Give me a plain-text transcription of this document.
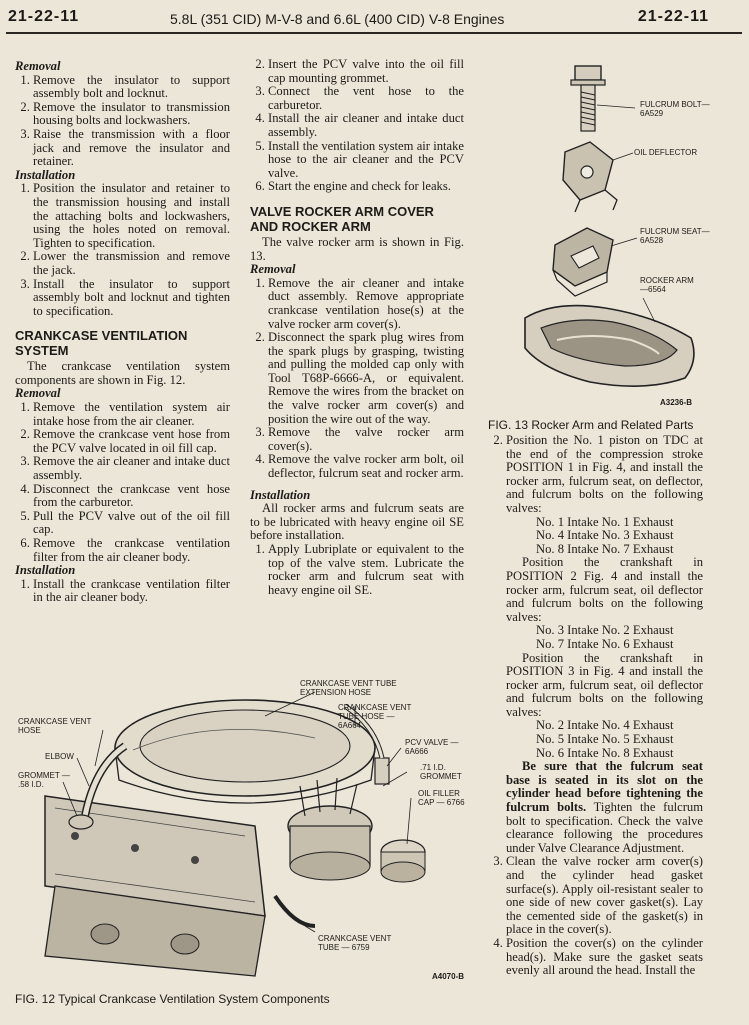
21-22-11	5.8L (351 CID) M-V-8 and 6.6L (400 CID) V-8 Engines	21-22-11

Removal

1. Remove the insulator to support assembly bolt and locknut.
2. Remove the insulator to transmission housing bolts and lockwashers.
3. Raise the transmission with a floor jack and remove the insulator and retainer.

Installation

1. Position the insulator and retainer to the transmission housing and install the attaching bolts and lockwashers, using the holes noted on removal. Tighten to specification.
2. Lower the transmission and remove the jack.
3. Install the insulator to support assembly bolt and locknut and tighten to specification.
CRANKCASE VENTILATION SYSTEM

The crankcase ventilation system components are shown in Fig. 12.

Removal

1. Remove the ventilation system air intake hose from the air cleaner.
2. Remove the crankcase vent hose from the PCV valve located in oil fill cap.
3. Remove the air cleaner and intake duct assembly.
4. Disconnect the crankcase vent hose from the carburetor.
5. Pull the PCV valve out of the oil fill cap.
6. Remove the crankcase ventilation filter from the air cleaner body.

Installation

1. Install the crankcase ventilation filter in the air cleaner body.
2. Insert the PCV valve into the oil fill cap mounting grommet.
3. Connect the vent hose to the carburetor.
4. Install the air cleaner and intake duct assembly.
5. Install the ventilation system air intake hose to the air cleaner and the PCV valve.
6. Start the engine and check for leaks.
VALVE ROCKER ARM COVER AND ROCKER ARM

The valve rocker arm is shown in Fig. 13.

Removal

1. Remove the air cleaner and intake duct assembly. Remove appropriate crankcase ventilation hose(s) at the valve rocker arm cover(s).
2. Disconnect the spark plug wires from the spark plugs by grasping, twisting and pulling the molded cap only with Tool T68P-6666-A, or equivalent. Remove the wires from the bracket on the valve rocker arm cover(s) and position the wire out of the way.
3. Remove the valve rocker arm cover(s).
4. Remove the valve rocker arm bolt, oil deflector, fulcrum seat and rocker arm.

Installation

All rocker arms and fulcrum seats are to be lubricated with heavy engine oil SE before installation.

1. Apply Lubriplate or equivalent to the top of the valve stem. Lubricate the rocker arm and fulcrum seat with heavy engine oil SE.
FULCRUM BOLT—6A529
OIL DEFLECTOR
FULCRUM SEAT—6A528
ROCKER ARM—6564
A3236-B
FIG. 13 Rocker Arm and Related Parts
2. Position the No. 1 piston on TDC at the end of the compression stroke POSITION 1 in Fig. 4, and install the rocker arm, fulcrum seat, on deflector, and fulcrum bolts on the following valves:
No. 1 Intake No. 1 Exhaust
No. 4 Intake No. 3 Exhaust
No. 8 Intake No. 7 Exhaust

Position the crankshaft in POSITION 2 Fig. 4 and install the rocker arm, fulcrum seat, oil deflector and fulcrum bolts on the following valves:

No. 3 Intake No. 2 Exhaust
No. 7 Intake No. 6 Exhaust

Position the crankshaft in POSITION 3 in Fig. 4 and install the rocker arm, fulcrum seat, oil deflector and fulcrum bolts on the following valves:

No. 2 Intake No. 4 Exhaust
No. 5 Intake No. 5 Exhaust
No. 6 Intake No. 8 Exhaust

Be sure that the fulcrum seat base is seated in its slot on the cylinder head before tightening the fulcrum bolts. Tighten the fulcrum bolt to specification. Check the valve clearance following the procedures under Valve Clearance Adjustment.

3. Clean the valve rocker arm cover(s) and the cylinder head gasket surface(s). Apply oil-resistant sealer to one side of new cover gasket(s). Lay the cemented side of the gasket(s) in place in the cover(s).
4. Position the cover(s) on the cylinder head(s). Make sure the gasket seats evenly all around the head. Install the
CRANKCASE VENT TUBE EXTENSION HOSE
CRANKCASE VENT TUBE HOSE — 6A664
CRANKCASE VENT HOSE
PCV VALVE — 6A666
ELBOW
.71 I.D. GROMMET
GROMMET — .58 I.D.
OIL FILLER CAP — 6766
CRANKCASE VENT TUBE — 6759
A4070-B
FIG. 12 Typical Crankcase Ventilation System Components
